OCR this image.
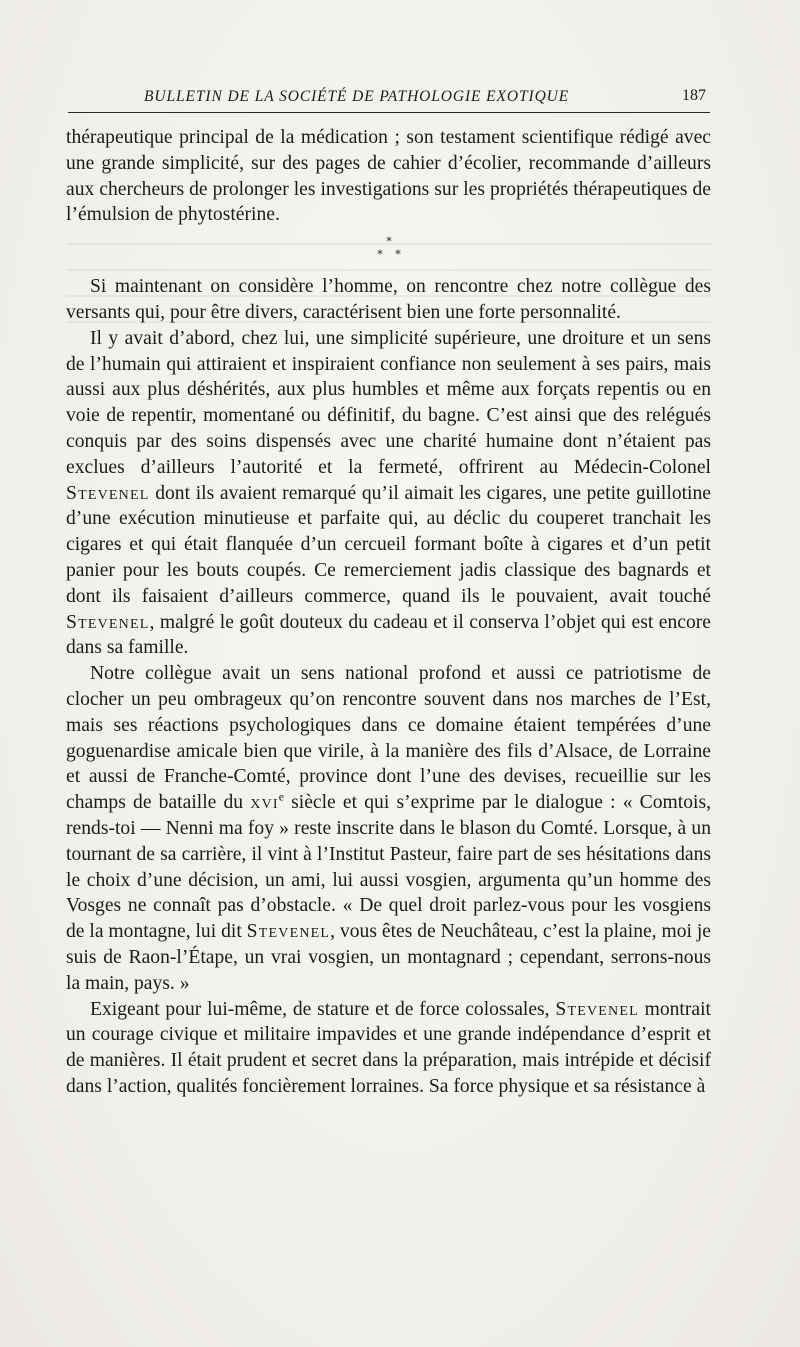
BULLETIN DE LA SOCIÉTÉ DE PATHOLOGIE EXOTIQUE	187

thérapeutique principal de la médication ; son testament scientifique rédigé avec une grande simplicité, sur des pages de cahier d’écolier, recommande d’ailleurs aux chercheurs de prolonger les investigations sur les propriétés thérapeutiques de l’émulsion de phytostérine.

*
* *

Si maintenant on considère l’homme, on rencontre chez notre collègue des versants qui, pour être divers, caractérisent bien une forte personnalité.

Il y avait d’abord, chez lui, une simplicité supérieure, une droiture et un sens de l’humain qui attiraient et inspiraient confiance non seulement à ses pairs, mais aussi aux plus déshérités, aux plus humbles et même aux forçats repentis ou en voie de repentir, momentané ou définitif, du bagne. C’est ainsi que des relégués conquis par des soins dispensés avec une charité humaine dont n’étaient pas exclues d’ailleurs l’autorité et la fermeté, offrirent au Médecin-Colonel Stevenel dont ils avaient remarqué qu’il aimait les cigares, une petite guillotine d’une exécution minutieuse et parfaite qui, au déclic du couperet tranchait les cigares et qui était flanquée d’un cercueil formant boîte à cigares et d’un petit panier pour les bouts coupés. Ce remerciement jadis classique des bagnards et dont ils faisaient d’ailleurs commerce, quand ils le pouvaient, avait touché Stevenel, malgré le goût douteux du cadeau et il conserva l’objet qui est encore dans sa famille.

Notre collègue avait un sens national profond et aussi ce patriotisme de clocher un peu ombrageux qu’on rencontre souvent dans nos marches de l’Est, mais ses réactions psychologiques dans ce domaine étaient tempérées d’une goguenardise amicale bien que virile, à la manière des fils d’Alsace, de Lorraine et aussi de Franche-Comté, province dont l’une des devises, recueillie sur les champs de bataille du xvi$^e$ siècle et qui s’exprime par le dialogue : « Comtois, rends-toi — Nenni ma foy » reste inscrite dans le blason du Comté. Lorsque, à un tournant de sa carrière, il vint à l’Institut Pasteur, faire part de ses hésitations dans le choix d’une décision, un ami, lui aussi vosgien, argumenta qu’un homme des Vosges ne connaît pas d’obstacle. « De quel droit parlez-vous pour les vosgiens de la montagne, lui dit Stevenel, vous êtes de Neuchâteau, c’est la plaine, moi je suis de Raon-l’Étape, un vrai vosgien, un montagnard ; cependant, serrons-nous la main, pays. »

Exigeant pour lui-même, de stature et de force colossales, Stevenel montrait un courage civique et militaire impavides et une grande indépendance d’esprit et de manières. Il était prudent et secret dans la préparation, mais intrépide et décisif dans l’action, qualités foncièrement lorraines. Sa force physique et sa résistance à
